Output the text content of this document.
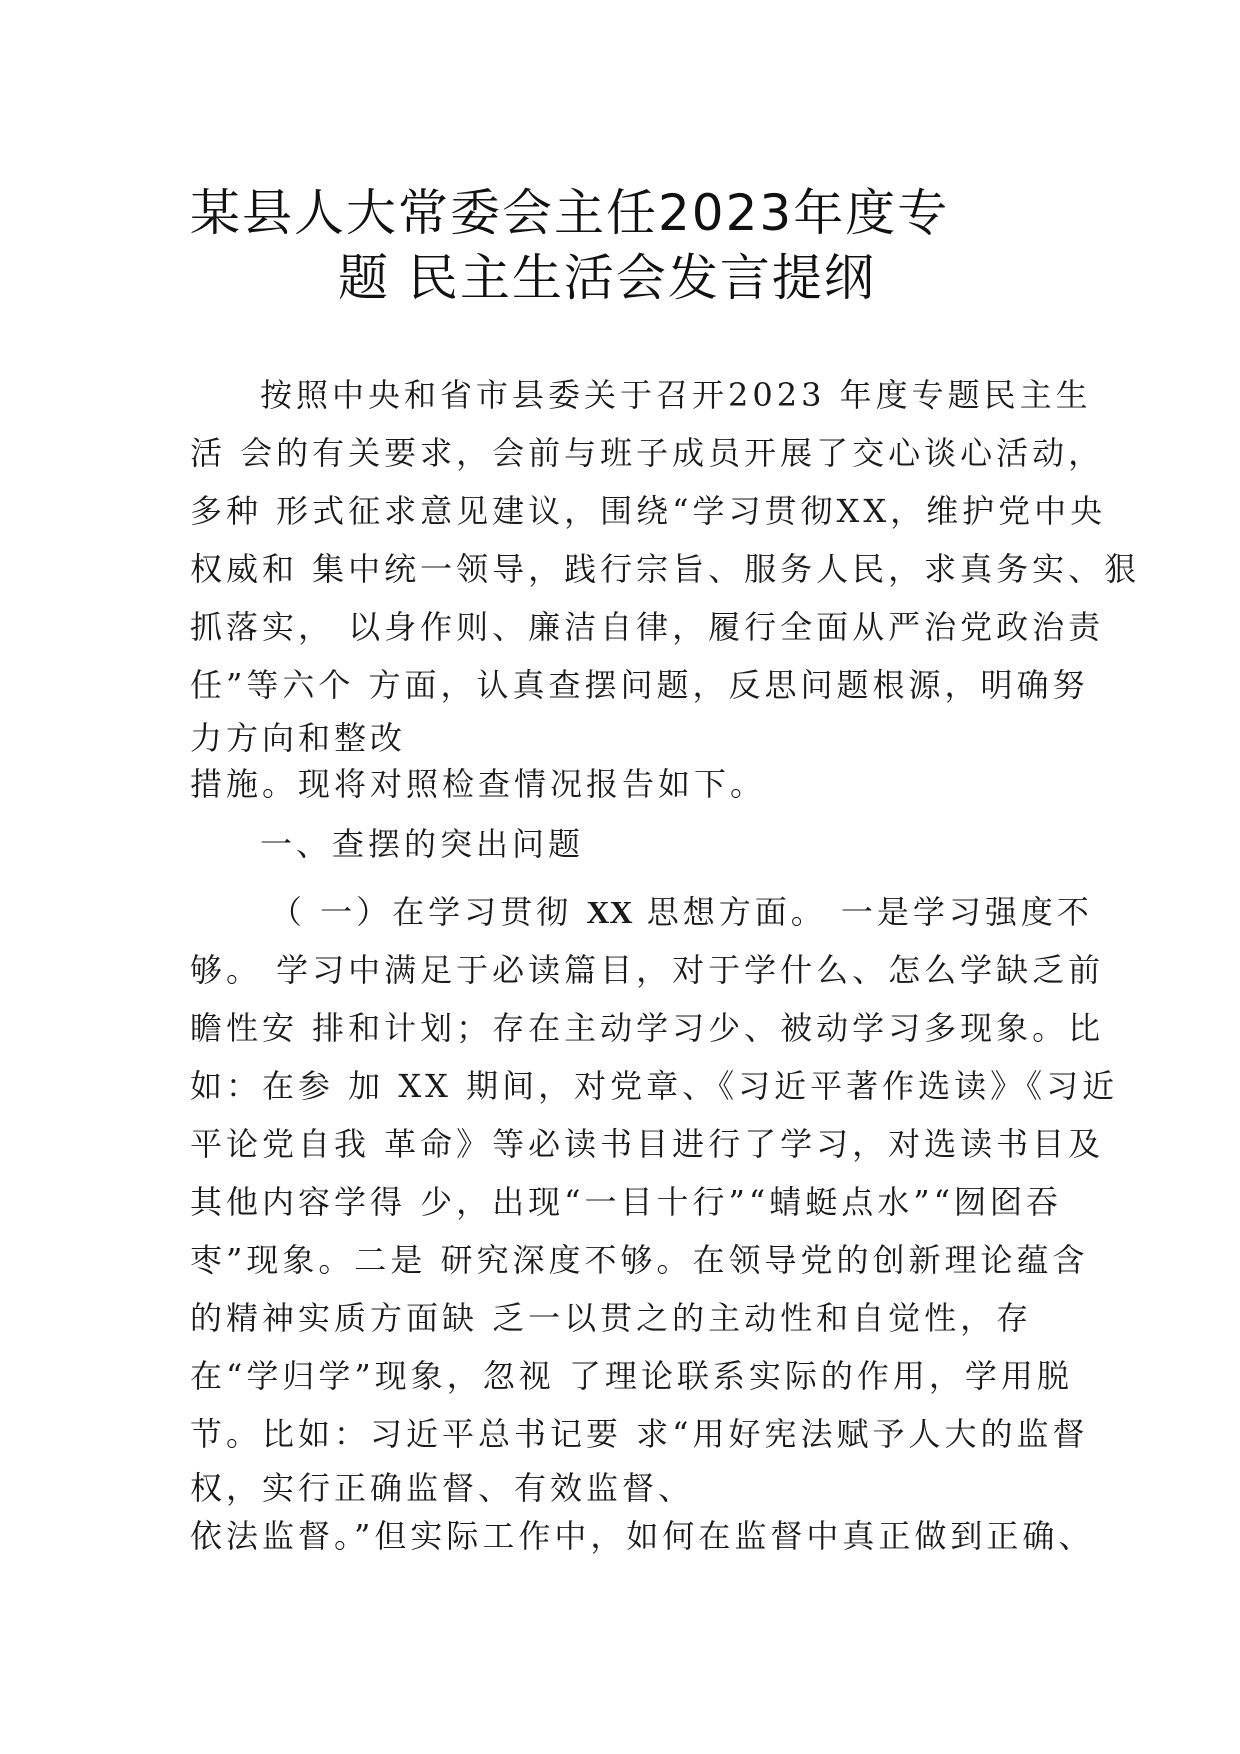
某县人大常委会主任2023年度专
题 民主生活会发言提纲
按照中央和省市县委关于召开2023 年度专题民主生
活 会的有关要求，会前与班子成员开展了交心谈心活动，
多种 形式征求意见建议，围绕“学习贯彻XX，维护党中央
权威和 集中统一领导，践行宗旨、服务人民，求真务实、狠
抓落实， 以身作则、廉洁自律，履行全面从严治党政治责
任”等六个 方面，认真查摆问题，反思问题根源，明确努
力方向和整改
措施。现将对照检查情况报告如下。
一、查摆的突出问题
（ 一）在学习贯彻 XX 思想方面。 一是学习强度不
够。 学习中满足于必读篇目，对于学什么、怎么学缺乏前
瞻性安 排和计划；存在主动学习少、被动学习多现象。比
如：在参 加 XX 期间，对党章、《习近平著作选读》《习近
平论党自我 革命》等必读书目进行了学习，对选读书目及
其他内容学得 少，出现“一目十行”“蜻蜓点水”“囫囵吞
枣”现象。二是 研究深度不够。在领导党的创新理论蕴含
的精神实质方面缺 乏一以贯之的主动性和自觉性，存
在“学归学”现象，忽视 了理论联系实际的作用，学用脱
节。比如：习近平总书记要 求“用好宪法赋予人大的监督
权，实行正确监督、有效监督、
依法监督。”但实际工作中，如何在监督中真正做到正确、
